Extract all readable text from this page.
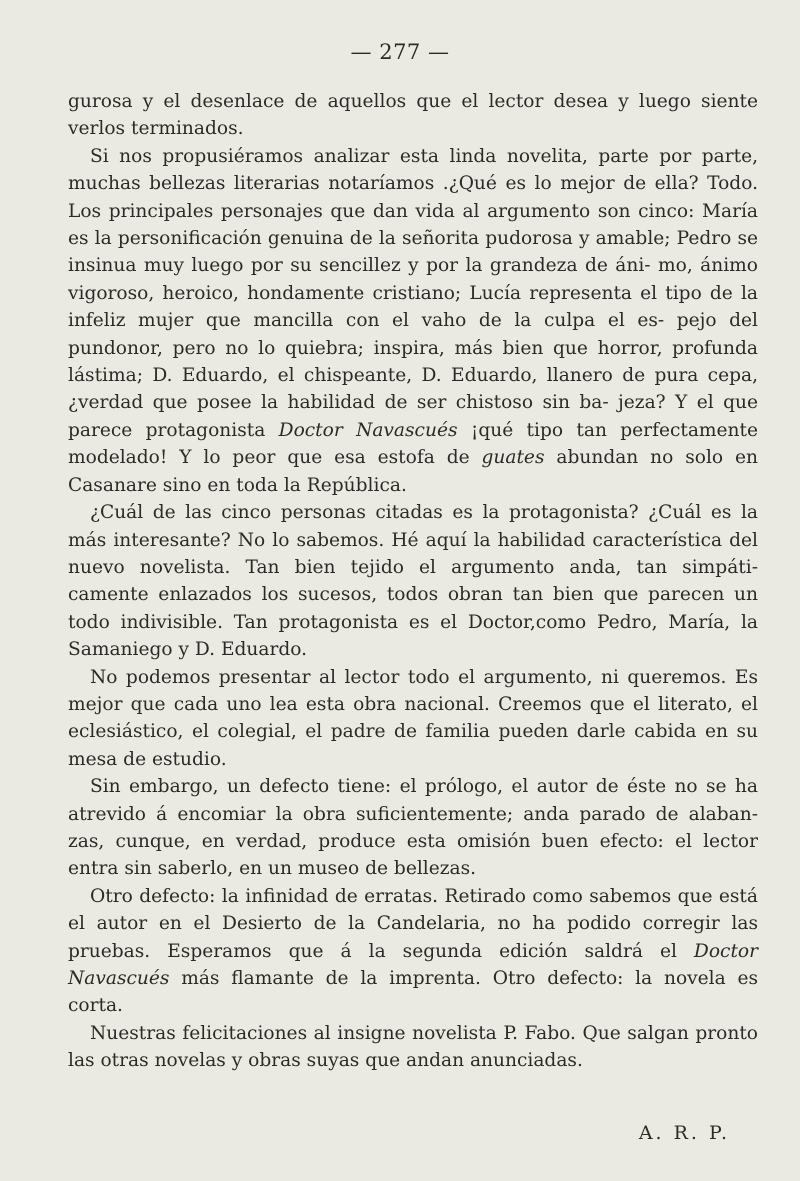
— 277 —

gurosa y el desenlace de aquellos que el lector desea y luego siente verlos terminados.

Si nos propusiéramos analizar esta linda novelita, parte por parte, muchas bellezas literarias notaríamos .¿Qué es lo mejor de ella? Todo. Los principales personajes que dan vida al argumento son cinco: María es la personificación genuina de la señorita pudorosa y amable; Pedro se insinua muy luego por su sencillez y por la grandeza de áni- mo, ánimo vigoroso, heroico, hondamente cristiano; Lucía representa el tipo de la infeliz mujer que mancilla con el vaho de la culpa el es- pejo del pundonor, pero no lo quiebra; inspira, más bien que horror, profunda lástima; D. Eduardo, el chispeante, D. Eduardo, llanero de pura cepa, ¿verdad que posee la habilidad de ser chistoso sin ba- jeza? Y el que parece protagonista Doctor Navascués ¡qué tipo tan perfectamente modelado! Y lo peor que esa estofa de guates abundan no solo en Casanare sino en toda la República.

¿Cuál de las cinco personas citadas es la protagonista? ¿Cuál es la más interesante? No lo sabemos. Hé aquí la habilidad característica del nuevo novelista. Tan bien tejido el argumento anda, tan simpáti- camente enlazados los sucesos, todos obran tan bien que parecen un todo indivisible. Tan protagonista es el Doctor,como Pedro, María, la Samaniego y D. Eduardo.

No podemos presentar al lector todo el argumento, ni queremos. Es mejor que cada uno lea esta obra nacional. Creemos que el literato, el eclesiástico, el colegial, el padre de familia pueden darle cabida en su mesa de estudio.

Sin embargo, un defecto tiene: el prólogo, el autor de éste no se ha atrevido á encomiar la obra suficientemente; anda parado de alaban- zas, cunque, en verdad, produce esta omisión buen efecto: el lector entra sin saberlo, en un museo de bellezas.

Otro defecto: la infinidad de erratas. Retirado como sabemos que está el autor en el Desierto de la Candelaria, no ha podido corregir las pruebas. Esperamos que á la segunda edición saldrá el Doctor Navascués más flamante de la imprenta. Otro defecto: la novela es corta.

Nuestras felicitaciones al insigne novelista P. Fabo. Que salgan pronto las otras novelas y obras suyas que andan anunciadas.

A. R. P.
